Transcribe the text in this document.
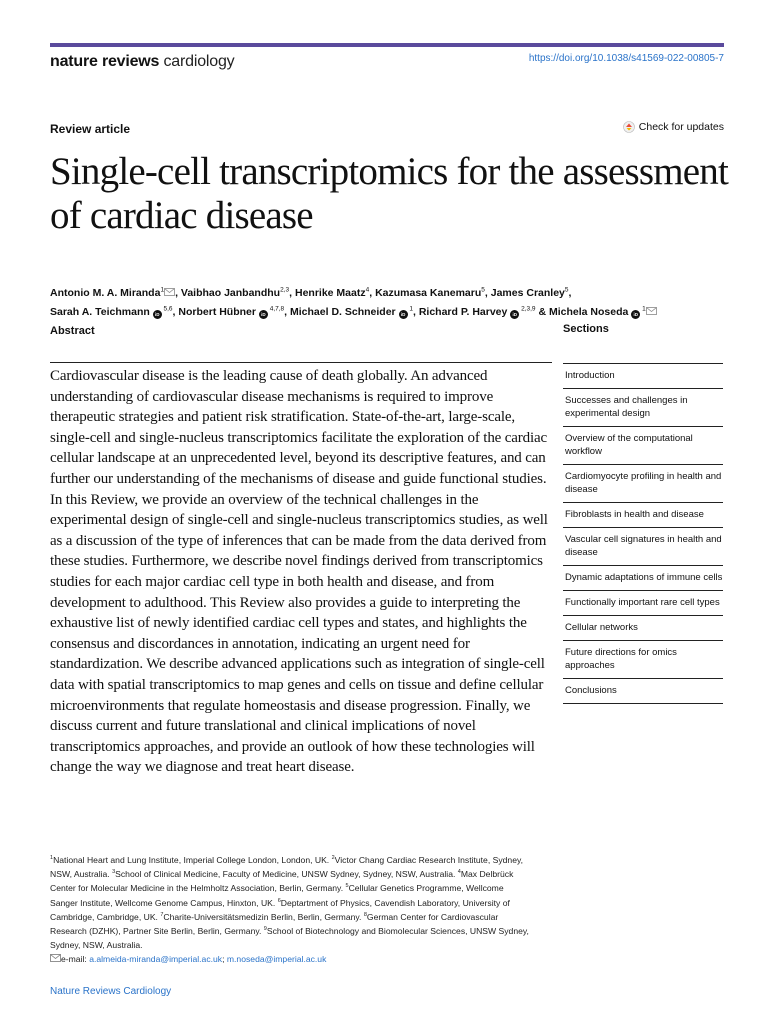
nature reviews cardiology	https://doi.org/10.1038/s41569-022-00805-7
Review article	Check for updates
Single-cell transcriptomics for the assessment of cardiac disease
Antonio M. A. Miranda$^1$ , Vaibhao Janbandhu$^{2,3}$, Henrike Maatz$^4$, Kazumasa Kanemaru$^5$, James Cranley$^5$,
Sarah A. Teichmann iD $^{5,6}$, Norbert Hübner iD $^{4,7,8}$, Michael D. Schneider iD $^1$, Richard P. Harvey iD $^{2,3,9}$ & Michela Noseda iD $^1$
Abstract

Cardiovascular disease is the leading cause of death globally. An advanced understanding of cardiovascular disease mechanisms is required to improve therapeutic strategies and patient risk stratification. State-of-the-art, large-scale, single-cell and single-nucleus transcriptomics facilitate the exploration of the cardiac cellular landscape at an unprecedented level, beyond its descriptive features, and can further our understanding of the mechanisms of disease and guide functional studies. In this Review, we provide an overview of the technical challenges in the experimental design of single-cell and single-nucleus transcriptomics studies, as well as a discussion of the type of inferences that can be made from the data derived from these studies. Furthermore, we describe novel findings derived from transcriptomics studies for each major cardiac cell type in both health and disease, and from development to adulthood. This Review also provides a guide to interpreting the exhaustive list of newly identified cardiac cell types and states, and highlights the consensus and discordances in annotation, indicating an urgent need for standardization. We describe advanced applications such as integration of single-cell data with spatial transcriptomics to map genes and cells on tissue and define cellular microenvironments that regulate homeostasis and disease progression. Finally, we discuss current and future translational and clinical implications of novel transcriptomics approaches, and provide an outlook of how these technologies will change the way we diagnose and treat heart disease.

Sections
Introduction
Successes and challenges in experimental design
Overview of the computational workflow
Cardiomyocyte profiling in health and disease
Fibroblasts in health and disease
Vascular cell signatures in health and disease
Dynamic adaptations of immune cells
Functionally important rare cell types
Cellular networks
Future directions for omics approaches
Conclusions
$^1$National Heart and Lung Institute, Imperial College London, London, UK. $^2$Victor Chang Cardiac Research Institute, Sydney, NSW, Australia. $^3$School of Clinical Medicine, Faculty of Medicine, UNSW Sydney, Sydney, NSW, Australia. $^4$Max Delbrück Center for Molecular Medicine in the Helmholtz Association, Berlin, Germany. $^5$Cellular Genetics Programme, Wellcome Sanger Institute, Wellcome Genome Campus, Hinxton, UK. $^6$Deptartment of Physics, Cavendish Laboratory, University of Cambridge, Cambridge, UK. $^7$Charite-Universitätsmedizin Berlin, Berlin, Germany. $^8$German Center for Cardiovascular Research (DZHK), Partner Site Berlin, Berlin, Germany. $^9$School of Biotechnology and Biomolecular Sciences, UNSW Sydney, Sydney, NSW, Australia.
e-mail: a.almeida-miranda@imperial.ac.uk; m.noseda@imperial.ac.uk
Nature Reviews Cardiology
